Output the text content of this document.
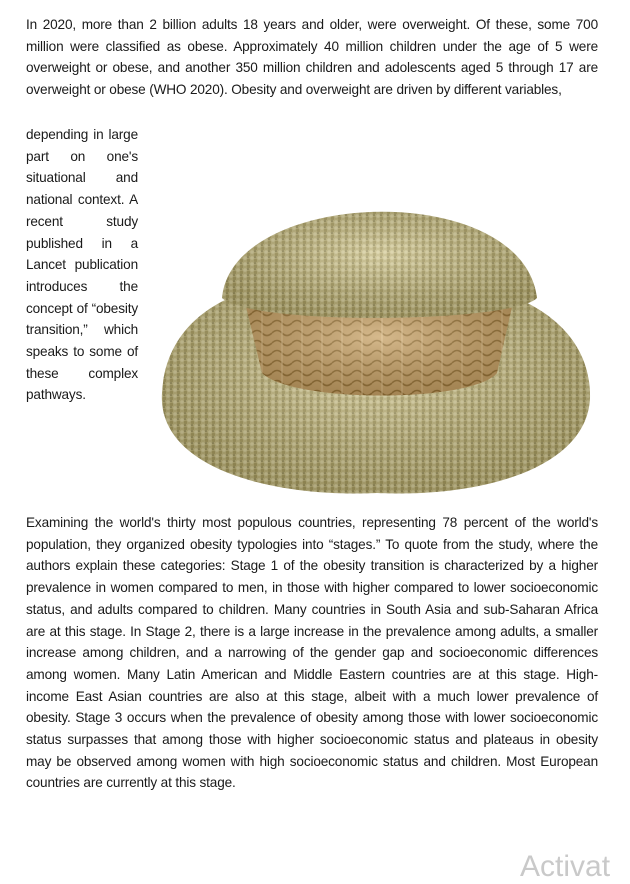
In 2020, more than 2 billion adults 18 years and older, were overweight. Of these, some 700 million were classified as obese. Approximately 40 million children under the age of 5 were overweight or obese, and another 350 million children and adolescents aged 5 through 17 are overweight or obese (WHO 2020). Obesity and overweight are driven by different variables,

depending in large part on one's situational and national context. A recent study published in a Lancet publication introduces the concept of “obesity transition,” which speaks to some of these complex pathways.

Examining the world's thirty most populous countries, representing 78 percent of the world's population, they organized obesity typologies into “stages.” To quote from the study, where the authors explain these categories: Stage 1 of the obesity transition is characterized by a higher prevalence in women compared to men, in those with higher compared to lower socioeconomic status, and adults compared to children. Many countries in South Asia and sub-Saharan Africa are at this stage. In Stage 2, there is a large increase in the prevalence among adults, a smaller increase among children, and a narrowing of the gender gap and socioeconomic differences among women. Many Latin American and Middle Eastern countries are at this stage. High-income East Asian countries are also at this stage, albeit with a much lower prevalence of obesity. Stage 3 occurs when the prevalence of obesity among those with lower socioeconomic status surpasses that among those with higher socioeconomic status and plateaus in obesity may be observed among women with high socioeconomic status and children. Most European countries are currently at this stage.

Activat
